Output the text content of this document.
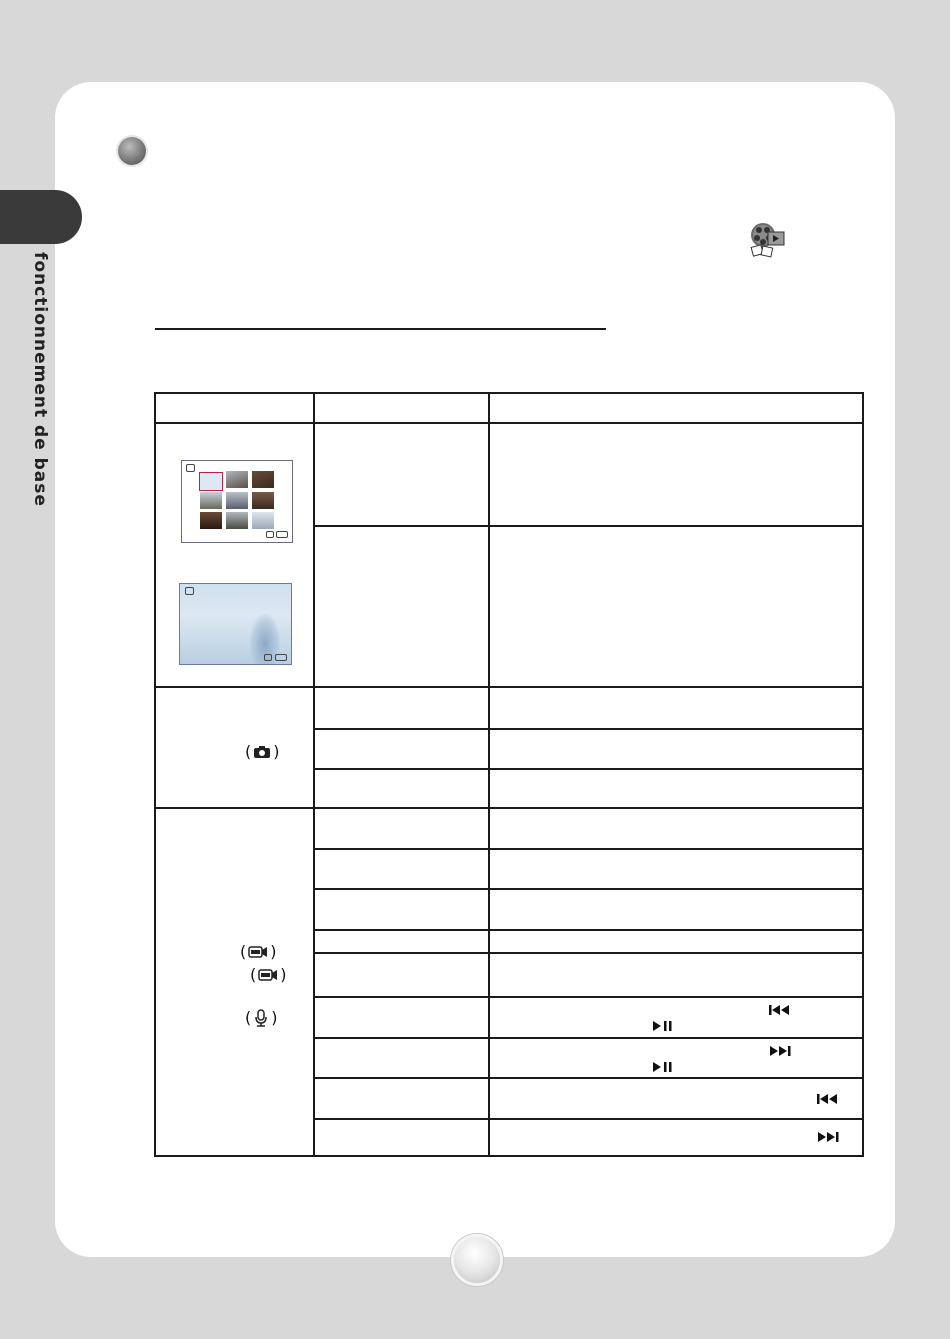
fonctionnement de base
( )
( )
( )
( )
